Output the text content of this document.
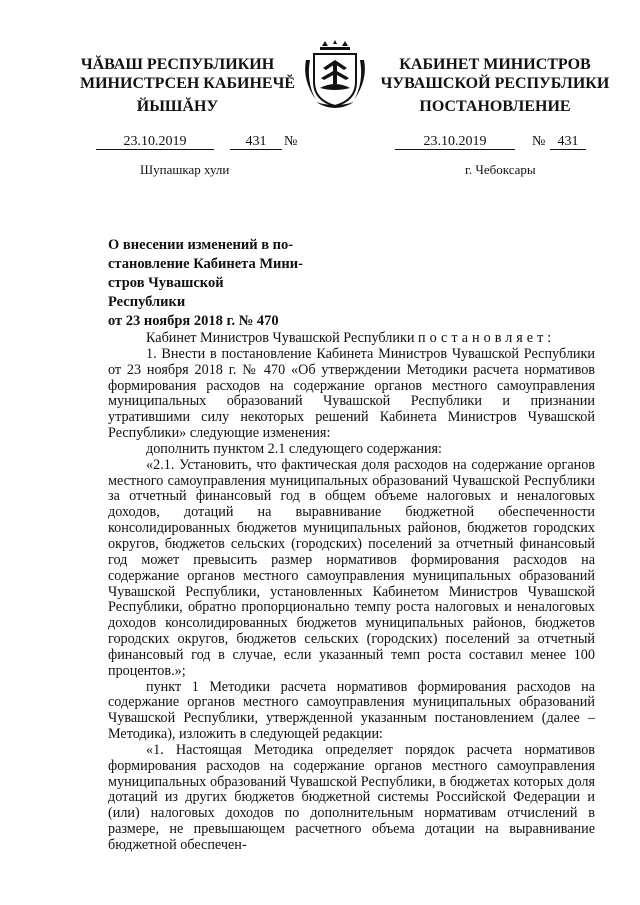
ЧĂВАШ РЕСПУБЛИКИН
МИНИСТРСЕН КАБИНЕЧĔ
КАБИНЕТ МИНИСТРОВ
ЧУВАШСКОЙ РЕСПУБЛИКИ
ЙЫШĂНУ	ПОСТАНОВЛЕНИЕ
23.10.2019	431	№	23.10.2019	№ 431
Шупашкар хули	г. Чебоксары
О внесении изменений в по-
становление Кабинета Мини-
стров Чувашской Республики
от 23 ноября 2018 г. № 470

Кабинет Министров Чувашской Республики постановляет:

1. Внести в постановление Кабинета Министров Чувашской Республики от 23 ноября 2018 г. № 470 «Об утверждении Методики расчета нормативов формирования расходов на содержание органов местного самоуправления муниципальных образований Чувашской Республики и признании утратившими силу некоторых решений Кабинета Министров Чувашской Республики» следующие изменения:

дополнить пунктом 2.1 следующего содержания:

«2.1. Установить, что фактическая доля расходов на содержание органов местного самоуправления муниципальных образований Чувашской Республики за отчетный финансовый год в общем объеме налоговых и неналоговых доходов, дотаций на выравнивание бюджетной обеспеченности консолидированных бюджетов муниципальных районов, бюджетов городских округов, бюджетов сельских (городских) поселений за отчетный финансовый год может превысить размер нормативов формирования расходов на содержание органов местного самоуправления муниципальных образований Чувашской Республики, установленных Кабинетом Министров Чувашской Республики, обратно пропорционально темпу роста налоговых и неналоговых доходов консолидированных бюджетов муниципальных районов, бюджетов городских округов, бюджетов сельских (городских) поселений за отчетный финансовый год в случае, если указанный темп роста составил менее 100 процентов.»;

пункт 1 Методики расчета нормативов формирования расходов на содержание органов местного самоуправления муниципальных образований Чувашской Республики, утвержденной указанным постановлением (далее – Методика), изложить в следующей редакции:

«1. Настоящая Методика определяет порядок расчета нормативов формирования расходов на содержание органов местного самоуправления муниципальных образований Чувашской Республики, в бюджетах которых доля дотаций из других бюджетов бюджетной системы Российской Федерации и (или) налоговых доходов по дополнительным нормативам отчислений в размере, не превышающем расчетного объема дотации на выравнивание бюджетной обеспечен-
